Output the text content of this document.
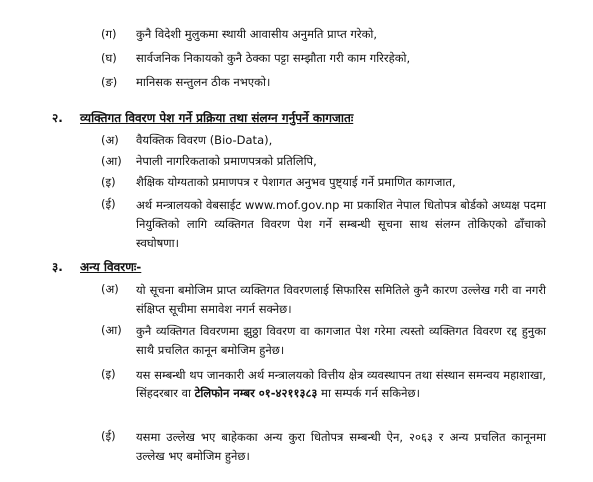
(ग) कुनै विदेशी मुलुकमा स्थायी आवासीय अनुमति प्राप्त गरेको,
(घ) सार्वजनिक निकायको कुनै ठेक्का पट्टा सम्झौता गरी काम गरिरहेको,
(ङ) मानिसक सन्तुलन ठीक नभएको।
२. व्यक्तिगत विवरण पेश गर्ने प्रक्रिया तथा संलग्न गर्नुपर्ने कागजातः
(अ) वैयक्तिक विवरण (Bio-Data),
(आ) नेपाली नागरिकताको प्रमाणपत्रको प्रतिलिपि,
(इ) शैक्षिक योग्यताको प्रमाणपत्र र पेशागत अनुभव पुष्ट्याई गर्ने प्रमाणित कागजात,
(ई) अर्थ मन्त्रालयको वेबसाईट www.mof.gov.np मा प्रकाशित नेपाल धितोपत्र बोर्डको अध्यक्ष पदमा नियुक्तिको लागि व्यक्तिगत विवरण पेश गर्ने सम्बन्धी सूचना साथ संलग्न तोकिएको ढाँचाको स्वघोषणा।
३. अन्य विवरणः-
(अ) यो सूचना बमोजिम प्राप्त व्यक्तिगत विवरणलाई सिफारिस समितिले कुनै कारण उल्लेख गरी वा नगरी संक्षिप्त सूचीमा समावेश नगर्न सक्नेछ।
(आ) कुनै व्यक्तिगत विवरणमा झुठ्ठा विवरण वा कागजात पेश गरेमा त्यस्तो व्यक्तिगत विवरण रद्द हुनुका साथै प्रचलित कानून बमोजिम हुनेछ।
(इ) यस सम्बन्धी थप जानकारी अर्थ मन्त्रालयको वित्तीय क्षेत्र व्यवस्थापन तथा संस्थान समन्वय महाशाखा, सिंहदरबार वा टेलिफोन नम्बर ०१-४२११३८३ मा सम्पर्क गर्न सकिनेछ।
(ई) यसमा उल्लेख भए बाहेकका अन्य कुरा धितोपत्र सम्बन्धी ऐन, २०६३ र अन्य प्रचलित कानूनमा उल्लेख भए बमोजिम हुनेछ।
